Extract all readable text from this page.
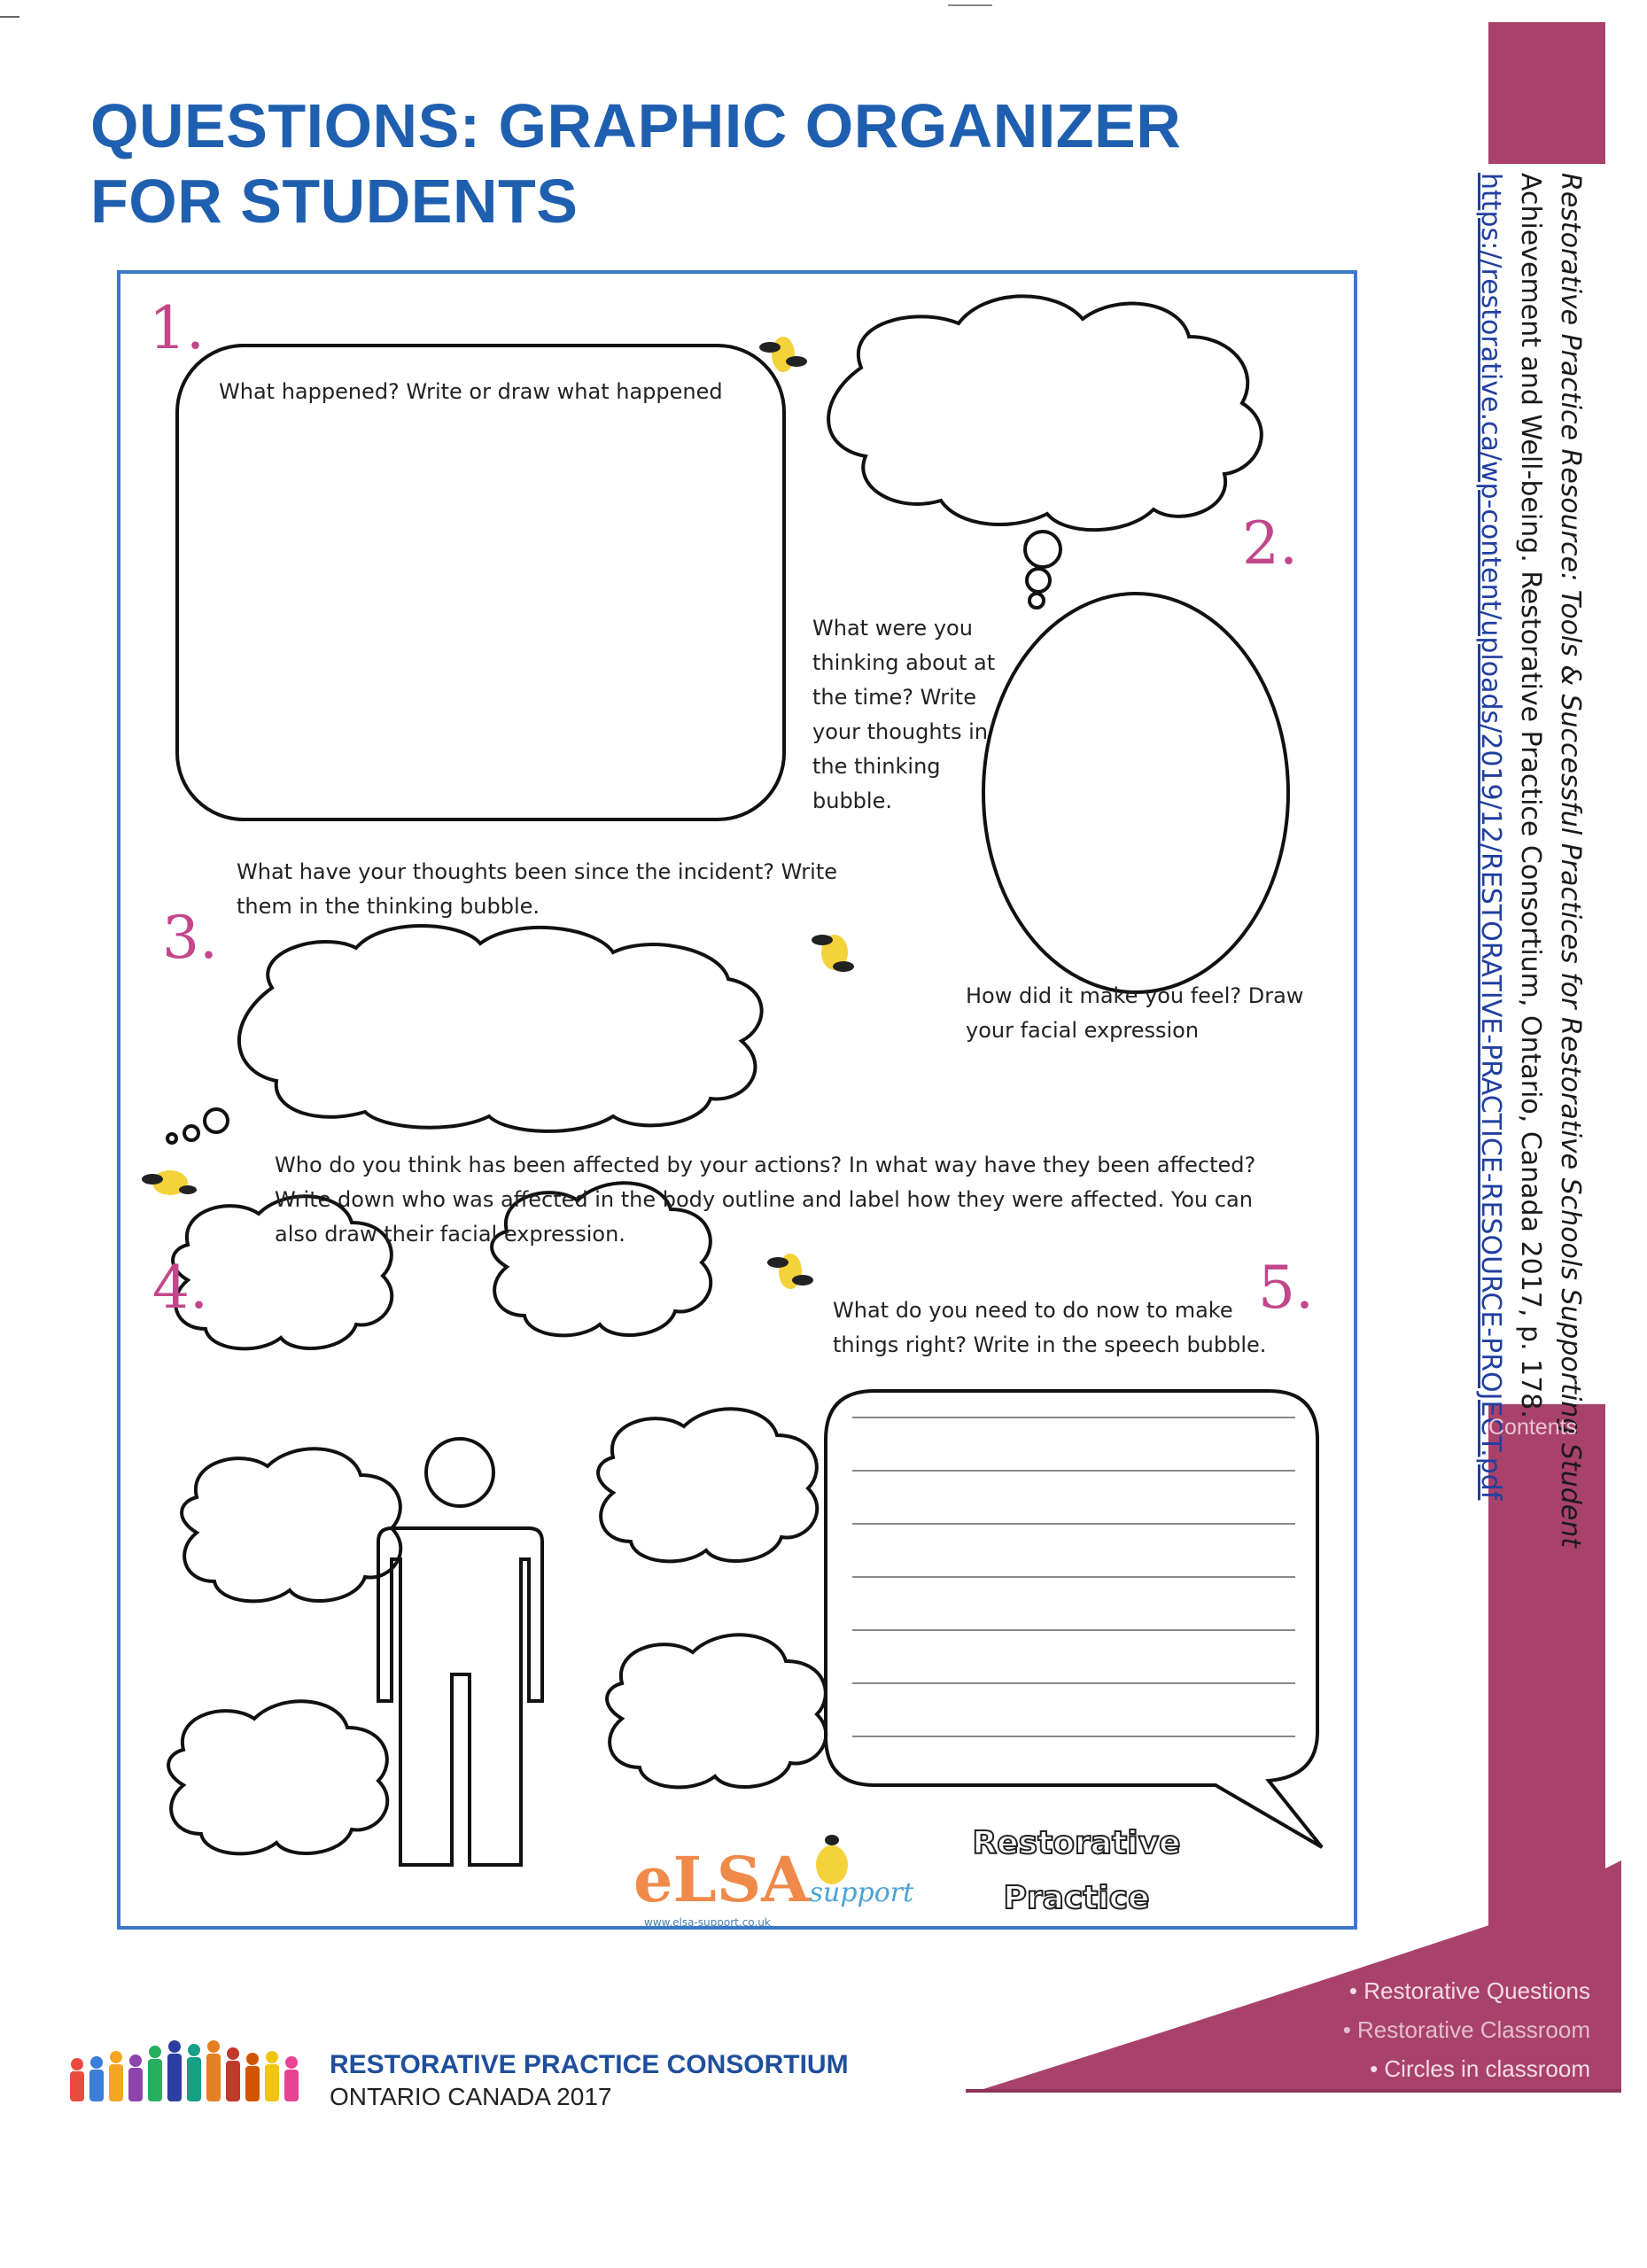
QUESTIONS: GRAPHIC ORGANIZER
FOR STUDENTS	Restorative Practice Resource: Tools & Successful Practices for Restorative Schools Supporting Student
Achievement and Well-being. Restorative Practice Consortium, Ontario, Canada 2017, p. 178.
https://restorative.ca/wp-content/uploads/2019/12/RESTORATIVE-PRACTICE-RESOURCE-PROJECT.pdf
Contents
• Restorative Questions
• Restorative Classroom
• Circles in classroom
1.
2.
3.
4.	5.
What happened? Write or draw what happened
What were you
thinking about at
the time? Write
your thoughts in
the thinking
bubble.
What have your thoughts been since the incident? Write
them in the thinking bubble.
How did it make you feel? Draw
your facial expression
Who do you think has been affected by your actions? In what way have they been affected?
Write down who was affected in the body outline and label how they were affected. You can
also draw their facial expression.
What do you need to do now to make
things right? Write in the speech bubble.
eLSAsupport
www.elsa-support.co.uk
Restorative
Practice
RESTORATIVE PRACTICE CONSORTIUM
ONTARIO CANADA 2017
